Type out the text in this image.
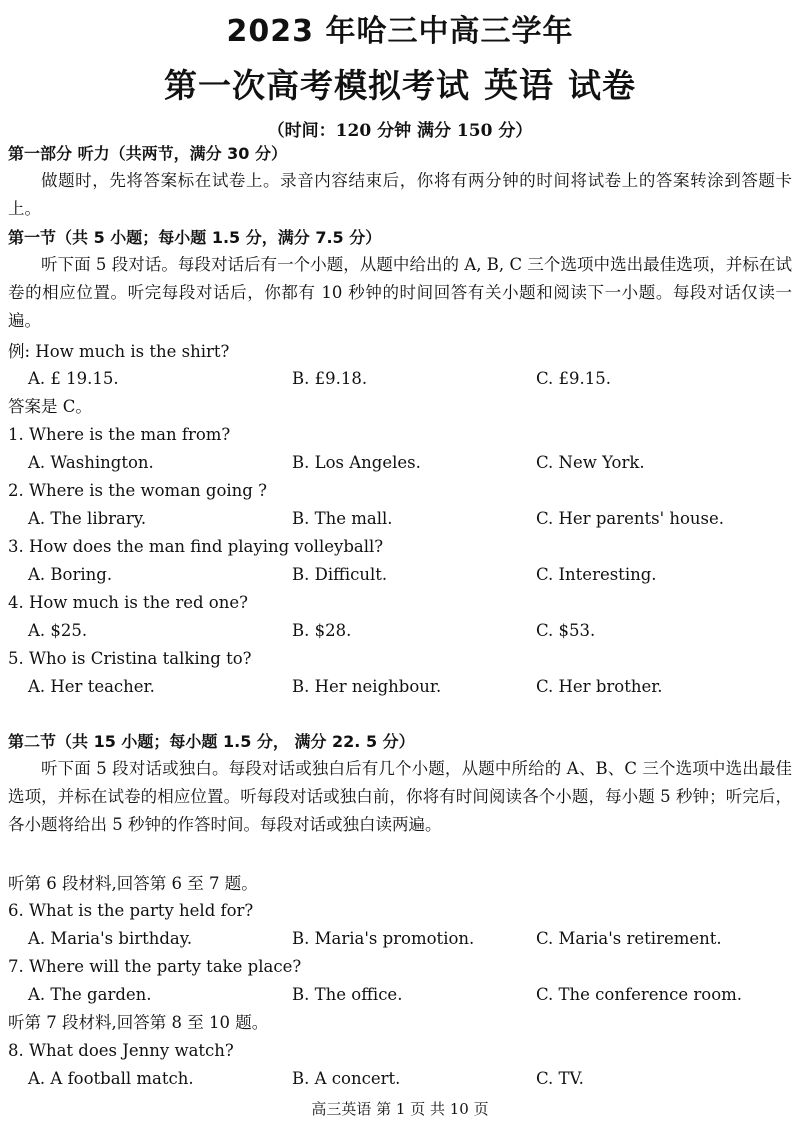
2023 年哈三中高三学年
第一次高考模拟考试 英语 试卷
（时间：120 分钟 满分 150 分）
第一部分 听力（共两节，满分 30 分）
做题时，先将答案标在试卷上。录音内容结束后，你将有两分钟的时间将试卷上的答案转涂到答题卡上。
第一节（共 5 小题；每小题 1.5 分，满分 7.5 分）
听下面 5 段对话。每段对话后有一个小题，从题中给出的 A, B, C 三个选项中选出最佳选项，并标在试卷的相应位置。听完每段对话后，你都有 10 秒钟的时间回答有关小题和阅读下一小题。每段对话仅读一遍。
例: How much is the shirt?
A. £ 19.15.	B. £9.18.	C. £9.15.
答案是 C。
1. Where is the man from?
A. Washington.	B. Los Angeles.	C. New York.
2. Where is the woman going ?
A. The library.	B. The mall.	C. Her parents' house.
3. How does the man find playing volleyball?
A. Boring.	B. Difficult.	C. Interesting.
4. How much is the red one?
A. $25.	B. $28.	C. $53.
5. Who is Cristina talking to?
A. Her teacher.	B. Her neighbour.	C. Her brother.
第二节（共 15 小题；每小题 1.5 分， 满分 22. 5 分）
听下面 5 段对话或独白。每段对话或独白后有几个小题，从题中所给的 A、B、C 三个选项中选出最佳选项，并标在试卷的相应位置。听每段对话或独白前，你将有时间阅读各个小题，每小题 5 秒钟；听完后，各小题将给出 5 秒钟的作答时间。每段对话或独白读两遍。
听第 6 段材料,回答第 6 至 7 题。
6. What is the party held for?
A. Maria's birthday.	B. Maria's promotion.	C. Maria's retirement.
7. Where will the party take place?
A. The garden.	B. The office.	C. The conference room.
听第 7 段材料,回答第 8 至 10 题。
8. What does Jenny watch?
A. A football match.	B. A concert.	C. TV.
高三英语 第 1 页 共 10 页
